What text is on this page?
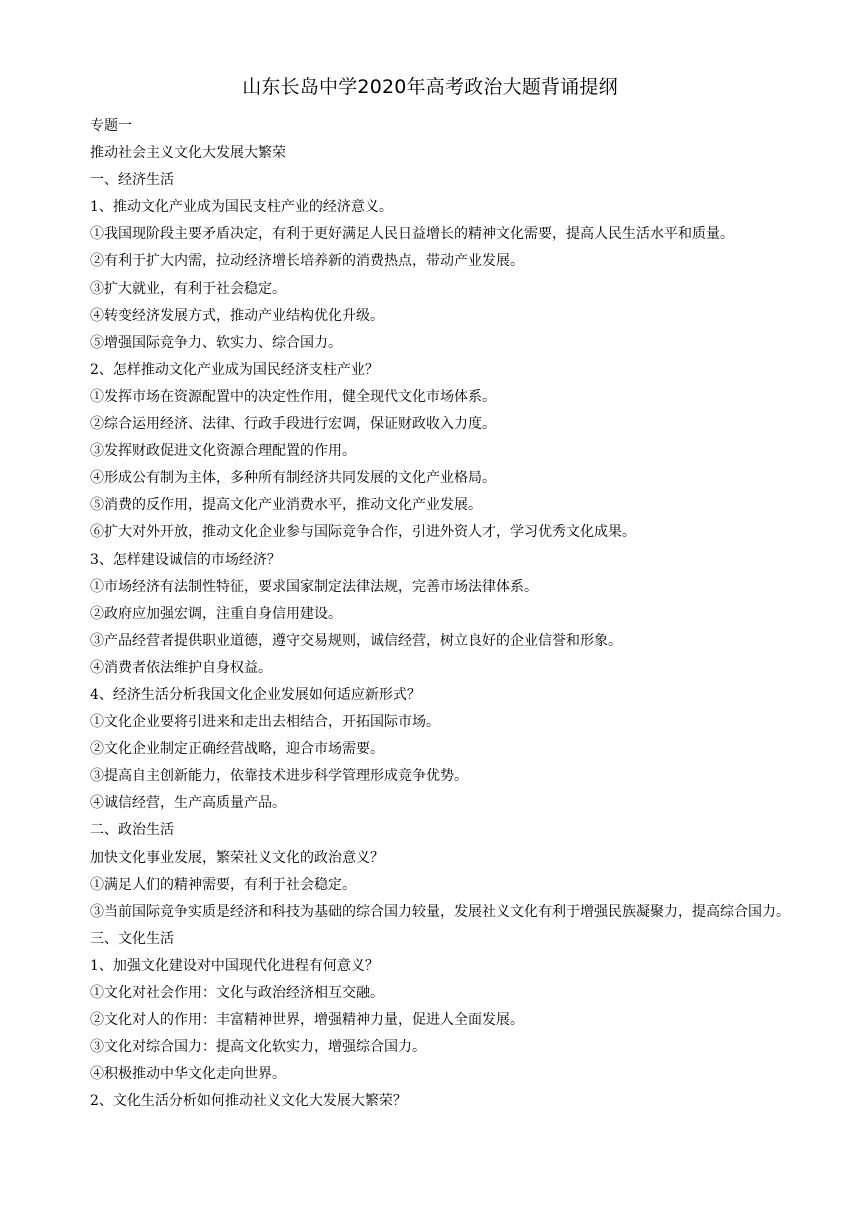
山东长岛中学2020年高考政治大题背诵提纲

专题一

推动社会主义文化大发展大繁荣

一、经济生活

1、推动文化产业成为国民支柱产业的经济意义。

①我国现阶段主要矛盾决定，有利于更好满足人民日益增长的精神文化需要，提高人民生活水平和质量。

②有利于扩大内需，拉动经济增长培养新的消费热点，带动产业发展。

③扩大就业，有利于社会稳定。

④转变经济发展方式，推动产业结构优化升级。

⑤增强国际竞争力、软实力、综合国力。

2、怎样推动文化产业成为国民经济支柱产业？

①发挥市场在资源配置中的决定性作用，健全现代文化市场体系。

②综合运用经济、法律、行政手段进行宏调，保证财政收入力度。

③发挥财政促进文化资源合理配置的作用。

④形成公有制为主体，多种所有制经济共同发展的文化产业格局。

⑤消费的反作用，提高文化产业消费水平，推动文化产业发展。

⑥扩大对外开放，推动文化企业参与国际竞争合作，引进外资人才，学习优秀文化成果。

3、怎样建设诚信的市场经济？

①市场经济有法制性特征，要求国家制定法律法规，完善市场法律体系。

②政府应加强宏调，注重自身信用建设。

③产品经营者提供职业道德，遵守交易规则，诚信经营，树立良好的企业信誉和形象。

④消费者依法维护自身权益。

4、经济生活分析我国文化企业发展如何适应新形式？

①文化企业要将引进来和走出去相结合，开拓国际市场。

②文化企业制定正确经营战略，迎合市场需要。

③提高自主创新能力，依靠技术进步科学管理形成竞争优势。

④诚信经营，生产高质量产品。

二、政治生活

加快文化事业发展，繁荣社义文化的政治意义？

①满足人们的精神需要，有利于社会稳定。

③当前国际竞争实质是经济和科技为基础的综合国力较量，发展社义文化有利于增强民族凝聚力，提高综合国力。

三、文化生活

1、加强文化建设对中国现代化进程有何意义？

①文化对社会作用：文化与政治经济相互交融。

②文化对人的作用：丰富精神世界，增强精神力量，促进人全面发展。

③文化对综合国力：提高文化软实力，增强综合国力。

④积极推动中华文化走向世界。

2、文化生活分析如何推动社义文化大发展大繁荣？
